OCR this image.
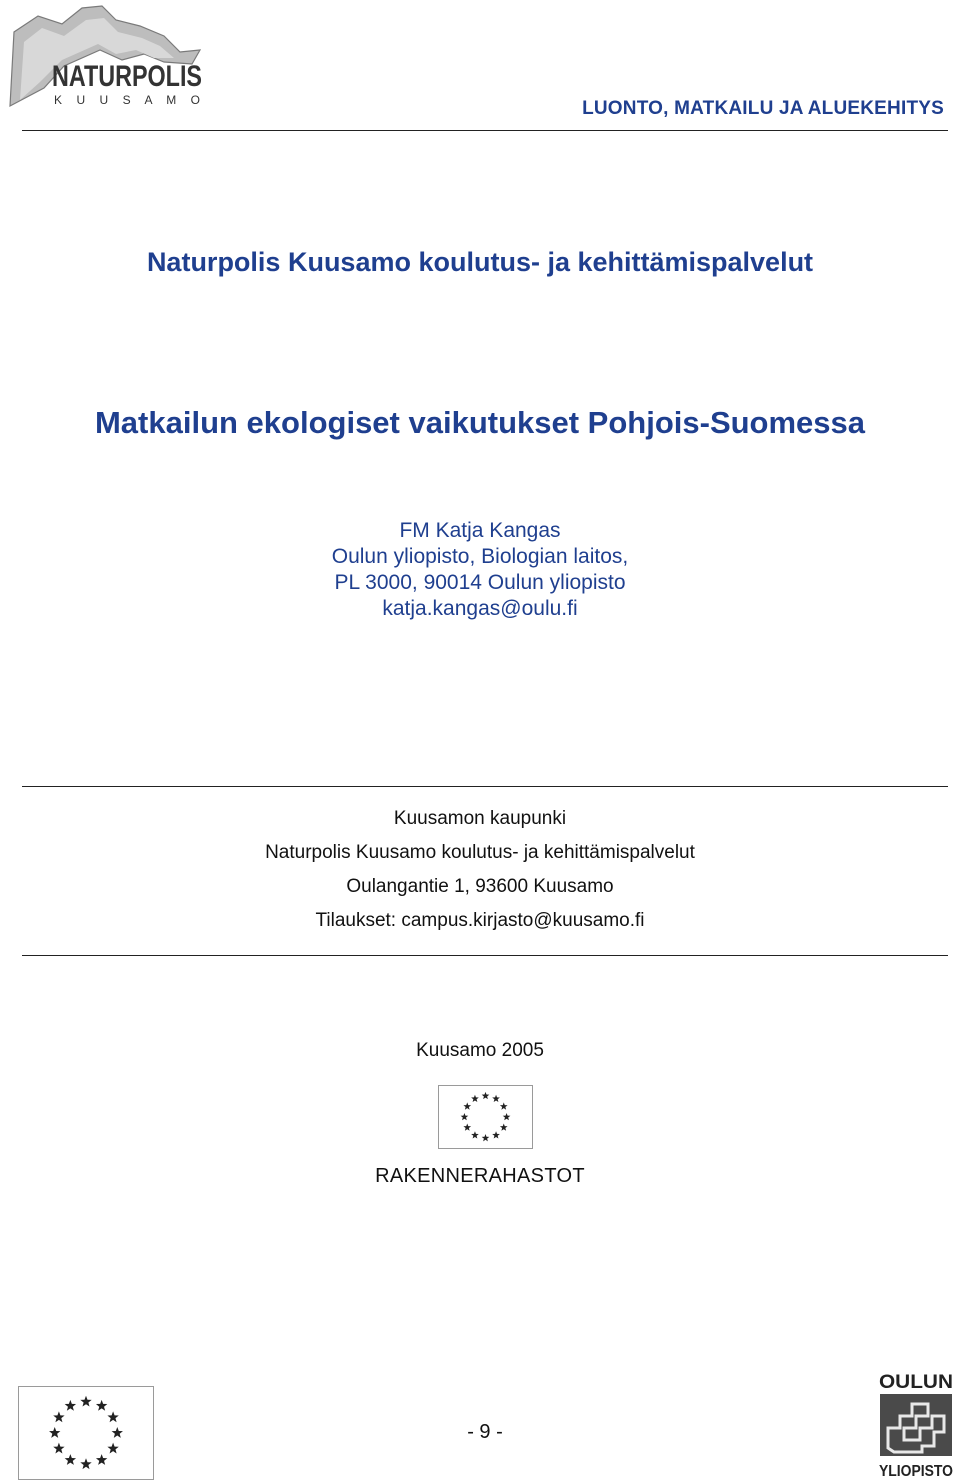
NATURPOLIS
K U U S A M O	LUONTO, MATKAILU JA ALUEKEHITYS
Naturpolis Kuusamo koulutus- ja kehittämispalvelut
Matkailun ekologiset vaikutukset Pohjois-Suomessa
FM Katja Kangas
Oulun yliopisto, Biologian laitos,
PL 3000, 90014 Oulun yliopisto
katja.kangas@oulu.fi
Kuusamon kaupunki
Naturpolis Kuusamo koulutus- ja kehittämispalvelut
Oulangantie 1, 93600 Kuusamo
Tilaukset: campus.kirjasto@kuusamo.fi
Kuusamo 2005
RAKENNERAHASTOT
- 9 -
OULUN
YLIOPISTO
